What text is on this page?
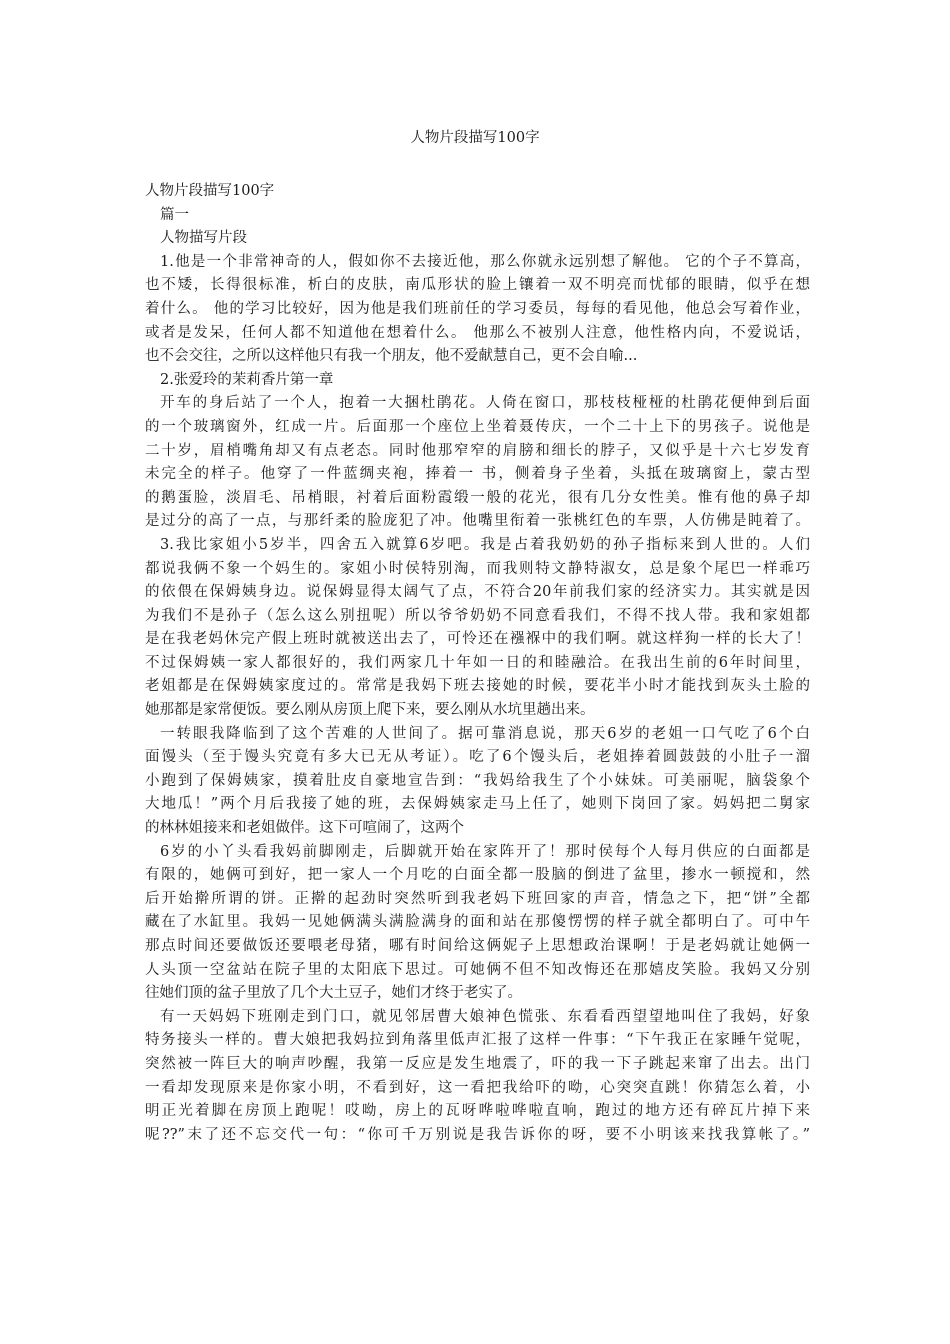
人物片段描写100字
人物片段描写100字
篇一
人物描写片段
1.他是一个非常神奇的人，假如你不去接近他，那么你就永远别想了解他。 它的个子不算高，
也不矮，长得很标准，析白的皮肤，南瓜形状的脸上镶着一双不明亮而忧郁的眼睛，似乎在想
着什么。 他的学习比较好，因为他是我们班前任的学习委员，每每的看见他，他总会写着作业，
或者是发呆，任何人都不知道他在想着什么。 他那么不被别人注意，他性格内向，不爱说话，
也不会交往，之所以这样他只有我一个朋友，他不爱献慧自己，更不会自喻...
2.张爱玲的茉莉香片第一章
开车的身后站了一个人，抱着一大捆杜鹃花。人倚在窗口，那枝枝桠桠的杜鹃花便伸到后面
的一个玻璃窗外，红成一片。后面那一个座位上坐着聂传庆，一个二十上下的男孩子。说他是
二十岁，眉梢嘴角却又有点老态。同时他那窄窄的肩膀和细长的脖子，又似乎是十六七岁发育
未完全的样子。他穿了一件蓝绸夹袍，捧着一 书，侧着身子坐着，头抵在玻璃窗上，蒙古型
的鹅蛋脸，淡眉毛、吊梢眼，衬着后面粉霞缎一般的花光，很有几分女性美。惟有他的鼻子却
是过分的高了一点，与那纤柔的脸庞犯了冲。他嘴里衔着一张桃红色的车票，人仿佛是盹着了。
3.我比家姐小5岁半，四舍五入就算6岁吧。我是占着我奶奶的孙子指标来到人世的。人们
都说我俩不象一个妈生的。家姐小时侯特别淘，而我则特文静特淑女，总是象个尾巴一样乖巧
的依偎在保姆姨身边。说保姆显得太阔气了点，不符合20年前我们家的经济实力。其实就是因
为我们不是孙子（怎么这么别扭呢）所以爷爷奶奶不同意看我们，不得不找人带。我和家姐都
是在我老妈休完产假上班时就被送出去了，可怜还在襁褓中的我们啊。就这样狗一样的长大了！
不过保姆姨一家人都很好的，我们两家几十年如一日的和睦融洽。在我出生前的6年时间里，
老姐都是在保姆姨家度过的。常常是我妈下班去接她的时候，要花半小时才能找到灰头土脸的
她那都是家常便饭。要么刚从房顶上爬下来，要么刚从水坑里趟出来。
一转眼我降临到了这个苦难的人世间了。据可靠消息说，那天6岁的老姐一口气吃了6个白
面馒头（至于馒头究竟有多大已无从考证）。吃了6个馒头后，老姐捧着圆鼓鼓的小肚子一溜
小跑到了保姆姨家，摸着肚皮自豪地宣告到：“我妈给我生了个小妹妹。可美丽呢，脑袋象个
大地瓜！”两个月后我接了她的班，去保姆姨家走马上任了，她则下岗回了家。妈妈把二舅家
的林林姐接来和老姐做伴。这下可喧闹了，这两个
6岁的小丫头看我妈前脚刚走，后脚就开始在家阵开了！那时侯每个人每月供应的白面都是
有限的，她俩可到好，把一家人一个月吃的白面全都一股脑的倒进了盆里，掺水一顿搅和，然
后开始擀所谓的饼。正擀的起劲时突然听到我老妈下班回家的声音，情急之下，把“饼”全都
藏在了水缸里。我妈一见她俩满头满脸满身的面和站在那傻愣愣的样子就全都明白了。可中午
那点时间还要做饭还要喂老母猪，哪有时间给这俩妮子上思想政治课啊！于是老妈就让她俩一
人头顶一空盆站在院子里的太阳底下思过。可她俩不但不知改悔还在那嬉皮笑脸。我妈又分别
往她们顶的盆子里放了几个大土豆子，她们才终于老实了。
有一天妈妈下班刚走到门口，就见邻居曹大娘神色慌张、东看看西望望地叫住了我妈，好象
特务接头一样的。曹大娘把我妈拉到角落里低声汇报了这样一件事：“下午我正在家睡午觉呢，
突然被一阵巨大的响声吵醒，我第一反应是发生地震了，吓的我一下子跳起来窜了出去。出门
一看却发现原来是你家小明，不看到好，这一看把我给吓的呦，心突突直跳！你猜怎么着，小
明正光着脚在房顶上跑呢！哎呦，房上的瓦呀哗啦哗啦直响，跑过的地方还有碎瓦片掉下来
呢??”末了还不忘交代一句：“你可千万别说是我告诉你的呀，要不小明该来找我算帐了。”
